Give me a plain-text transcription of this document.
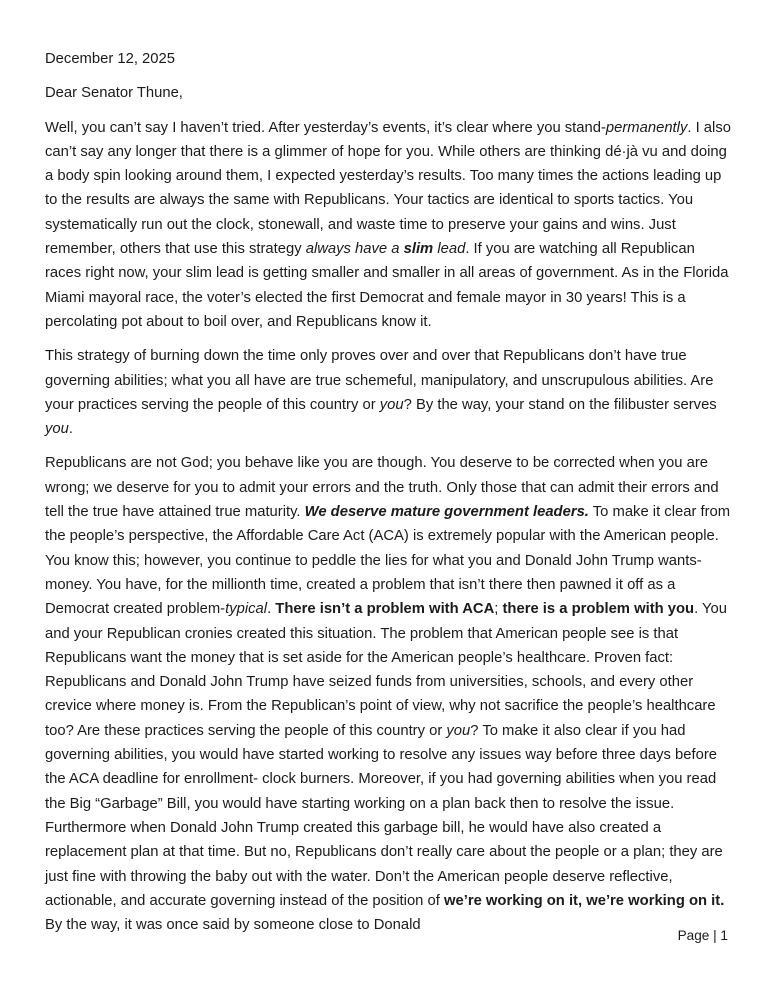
December 12, 2025

Dear Senator Thune,

Well, you can’t say I haven’t tried. After yesterday’s events, it’s clear where you stand-permanently. I also can’t say any longer that there is a glimmer of hope for you. While others are thinking dé·jà vu and doing a body spin looking around them, I expected yesterday’s results. Too many times the actions leading up to the results are always the same with Republicans. Your tactics are identical to sports tactics. You systematically run out the clock, stonewall, and waste time to preserve your gains and wins. Just remember, others that use this strategy always have a slim lead. If you are watching all Republican races right now, your slim lead is getting smaller and smaller in all areas of government. As in the Florida Miami mayoral race, the voter’s elected the first Democrat and female mayor in 30 years! This is a percolating pot about to boil over, and Republicans know it.

This strategy of burning down the time only proves over and over that Republicans don’t have true governing abilities; what you all have are true schemeful, manipulatory, and unscrupulous abilities. Are your practices serving the people of this country or you? By the way, your stand on the filibuster serves you.

Republicans are not God; you behave like you are though. You deserve to be corrected when you are wrong; we deserve for you to admit your errors and the truth. Only those that can admit their errors and tell the true have attained true maturity. We deserve mature government leaders. To make it clear from the people’s perspective, the Affordable Care Act (ACA) is extremely popular with the American people. You know this; however, you continue to peddle the lies for what you and Donald John Trump wants-money. You have, for the millionth time, created a problem that isn’t there then pawned it off as a Democrat created problem-typical. There isn’t a problem with ACA; there is a problem with you. You and your Republican cronies created this situation. The problem that American people see is that Republicans want the money that is set aside for the American people’s healthcare. Proven fact: Republicans and Donald John Trump have seized funds from universities, schools, and every other crevice where money is. From the Republican’s point of view, why not sacrifice the people’s healthcare too? Are these practices serving the people of this country or you? To make it also clear if you had governing abilities, you would have started working to resolve any issues way before three days before the ACA deadline for enrollment- clock burners. Moreover, if you had governing abilities when you read the Big “Garbage” Bill, you would have starting working on a plan back then to resolve the issue. Furthermore when Donald John Trump created this garbage bill, he would have also created a replacement plan at that time. But no, Republicans don’t really care about the people or a plan; they are just fine with throwing the baby out with the water. Don’t the American people deserve reflective, actionable, and accurate governing instead of the position of we’re working on it, we’re working on it. By the way, it was once said by someone close to Donald

Page | 1
